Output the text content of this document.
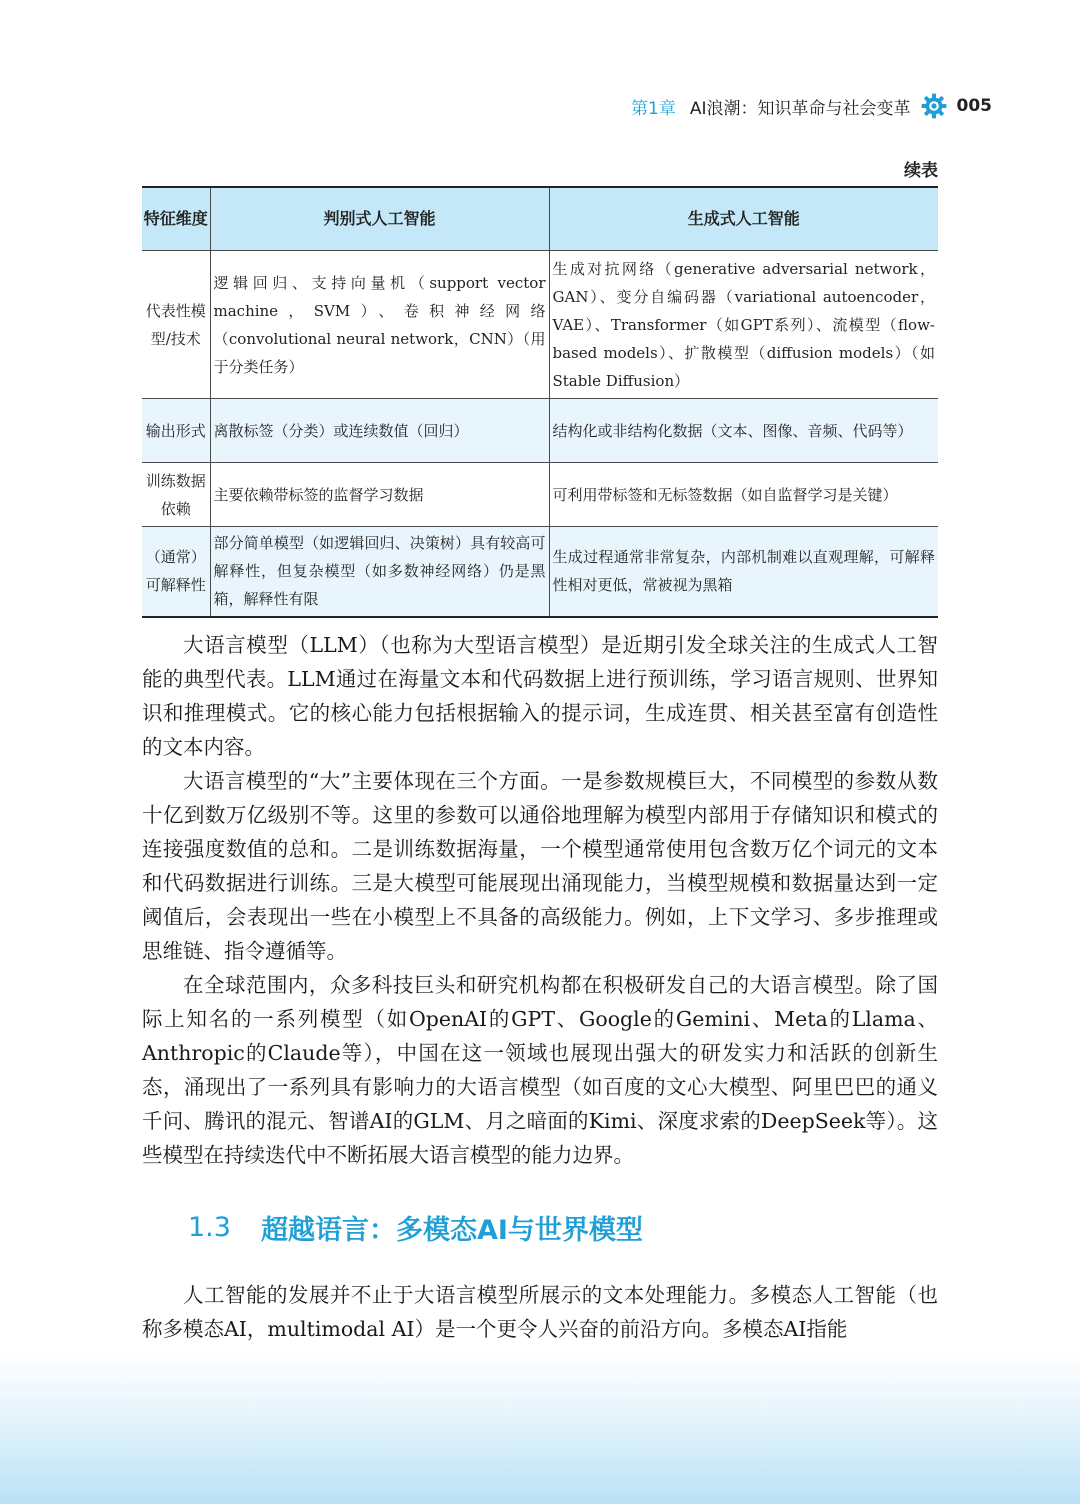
第1章 AI浪潮：知识革命与社会变革	005
续表
特征维度	判别式人工智能	生成式人工智能
代表性模型/技术	逻辑回归、支持向量机（support vector machine，SVM）、卷积神经网络（convolutional neural network，CNN）（用于分类任务）	生成对抗网络（generative adversarial network，GAN）、变分自编码器（variational autoencoder，VAE）、Transformer（如GPT系列）、流模型（flow-based models）、扩散模型（diffusion models）（如Stable Diffusion）
输出形式	离散标签（分类）或连续数值（回归）	结构化或非结构化数据（文本、图像、音频、代码等）
训练数据依赖	主要依赖带标签的监督学习数据	可利用带标签和无标签数据（如自监督学习是关键）
（通常）可解释性	部分简单模型（如逻辑回归、决策树）具有较高可解释性，但复杂模型（如多数神经网络）仍是黑箱，解释性有限	生成过程通常非常复杂，内部机制难以直观理解，可解释性相对更低，常被视为黑箱

大语言模型（LLM）（也称为大型语言模型）是近期引发全球关注的生成式人工智能的典型代表。LLM通过在海量文本和代码数据上进行预训练，学习语言规则、世界知识和推理模式。它的核心能力包括根据输入的提示词，生成连贯、相关甚至富有创造性的文本内容。

大语言模型的“大”主要体现在三个方面。一是参数规模巨大，不同模型的参数从数十亿到数万亿级别不等。这里的参数可以通俗地理解为模型内部用于存储知识和模式的连接强度数值的总和。二是训练数据海量，一个模型通常使用包含数万亿个词元的文本和代码数据进行训练。三是大模型可能展现出涌现能力，当模型规模和数据量达到一定阈值后，会表现出一些在小模型上不具备的高级能力。例如，上下文学习、多步推理或思维链、指令遵循等。

在全球范围内，众多科技巨头和研究机构都在积极研发自己的大语言模型。除了国际上知名的一系列模型（如OpenAI的GPT、Google的Gemini、Meta的Llama、Anthropic的Claude等），中国在这一领域也展现出强大的研发实力和活跃的创新生态，涌现出了一系列具有影响力的大语言模型（如百度的文心大模型、阿里巴巴的通义千问、腾讯的混元、智谱AI的GLM、月之暗面的Kimi、深度求索的DeepSeek等）。这些模型在持续迭代中不断拓展大语言模型的能力边界。

1.3 超越语言：多模态AI与世界模型

人工智能的发展并不止于大语言模型所展示的文本处理能力。多模态人工智能（也称多模态AI，multimodal AI）是一个更令人兴奋的前沿方向。多模态AI指能
